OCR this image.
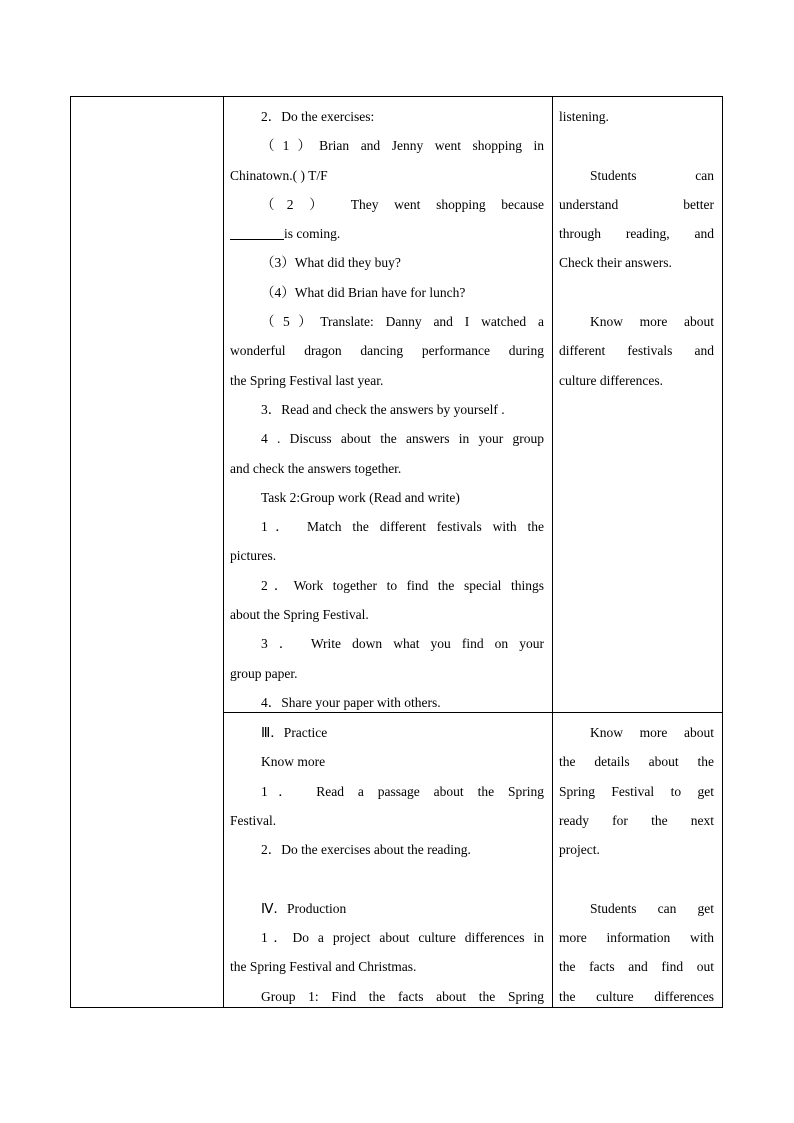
2．Do the exercises:

（1）Brian and Jenny went shopping in

Chinatown.( ) T/F

（2 ） They went shopping because

is coming.

（3）What did they buy?

（4）What did Brian have for lunch?

（5）Translate: Danny and I watched a

wonderful dragon dancing performance during

the Spring Festival last year.

3．Read and check the answers by yourself .

4 . Discuss about the answers in your group

and check the answers together.

Task 2:Group work (Read and write)

1． Match the different festivals with the

pictures.

2．Work together to find the special things

about the Spring Festival.

3 ． Write down what you find on your

group paper.

4．Share your paper with others.

listening.

Students can

understand better

through reading, and

Check their answers.

Know more about

different festivals and

culture differences.

Ⅲ．Practice

Know more

1． Read a passage about the Spring

Festival.

2．Do the exercises about the reading.

Ⅳ．Production

1．Do a project about culture differences in

the Spring Festival and Christmas.

Group 1: Find the facts about the Spring

Know more about

the details about the

Spring Festival to get

ready for the next

project.

Students can get

more information with

the facts and find out

the culture differences
